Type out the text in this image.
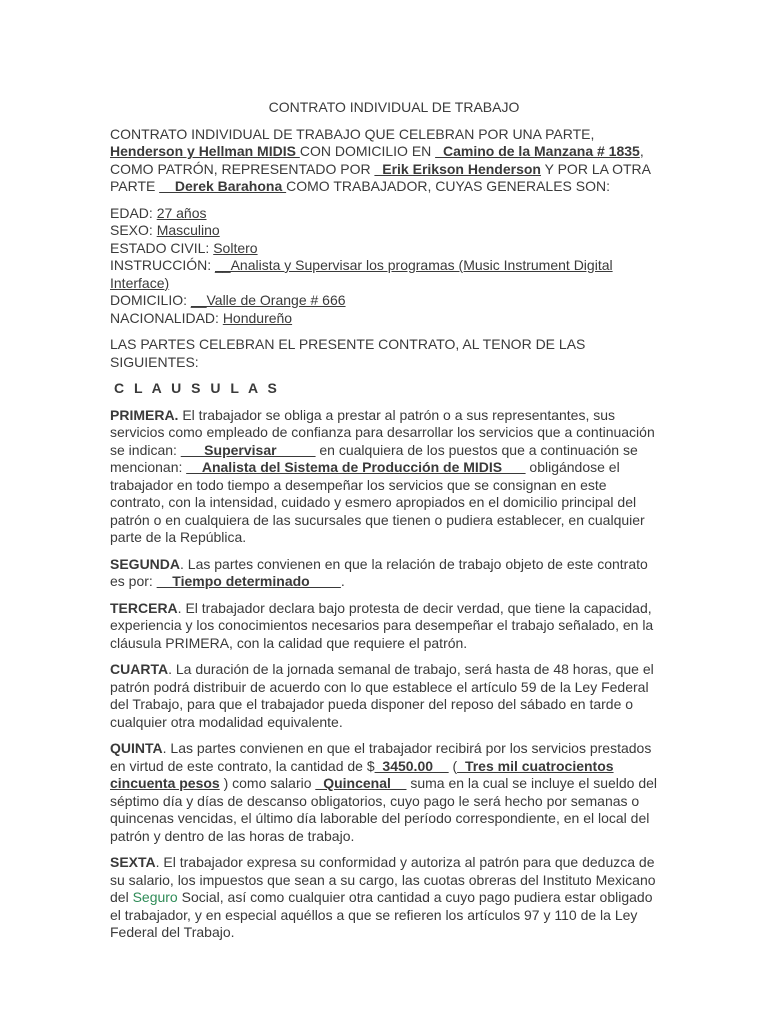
CONTRATO INDIVIDUAL DE TRABAJO
CONTRATO INDIVIDUAL DE TRABAJO QUE CELEBRAN POR UNA PARTE, Henderson y Hellman MIDIS CON DOMICILIO EN _Camino de la Manzana # 1835, COMO PATRÓN, REPRESENTADO POR _Erik Erikson Henderson Y POR LA OTRA PARTE __Derek Barahona COMO TRABAJADOR, CUYAS GENERALES SON:
EDAD: 27 años
SEXO: Masculino
ESTADO CIVIL: Soltero
INSTRUCCIÓN: __Analista y Supervisar los programas (Music Instrument Digital Interface)
DOMICILIO: __Valle de Orange # 666
NACIONALIDAD: Hondureño
LAS PARTES CELEBRAN EL PRESENTE CONTRATO, AL TENOR DE LAS SIGUIENTES:
C L A U S U L A S
PRIMERA. El trabajador se obliga a prestar al patrón o a sus representantes, sus servicios como empleado de confianza para desarrollar los servicios que a continuación se indican: ___Supervisar_____ en cualquiera de los puestos que a continuación se mencionan: __Analista del Sistema de Producción de MIDIS___ obligándose el trabajador en todo tiempo a desempeñar los servicios que se consignan en este contrato, con la intensidad, cuidado y esmero apropiados en el domicilio principal del patrón o en cualquiera de las sucursales que tienen o pudiera establecer, en cualquier parte de la República.
SEGUNDA. Las partes convienen en que la relación de trabajo objeto de este contrato es por: __Tiempo determinado____.
TERCERA. El trabajador declara bajo protesta de decir verdad, que tiene la capacidad, experiencia y los conocimientos necesarios para desempeñar el trabajo señalado, en la cláusula PRIMERA, con la calidad que requiere el patrón.
CUARTA. La duración de la jornada semanal de trabajo, será hasta de 48 horas, que el patrón podrá distribuir de acuerdo con lo que establece el artículo 59 de la Ley Federal del Trabajo, para que el trabajador pueda disponer del reposo del sábado en tarde o cualquier otra modalidad equivalente.
QUINTA. Las partes convienen en que el trabajador recibirá por los servicios prestados en virtud de este contrato, la cantidad de $_3450.00__ (_Tres mil cuatrocientos cincuenta pesos ) como salario _Quincenal__ suma en la cual se incluye el sueldo del séptimo día y días de descanso obligatorios, cuyo pago le será hecho por semanas o quincenas vencidas, el último día laborable del período correspondiente, en el local del patrón y dentro de las horas de trabajo.
SEXTA. El trabajador expresa su conformidad y autoriza al patrón para que deduzca de su salario, los impuestos que sean a su cargo, las cuotas obreras del Instituto Mexicano del Seguro Social, así como cualquier otra cantidad a cuyo pago pudiera estar obligado el trabajador, y en especial aquéllos a que se refieren los artículos 97 y 110 de la Ley Federal del Trabajo.
